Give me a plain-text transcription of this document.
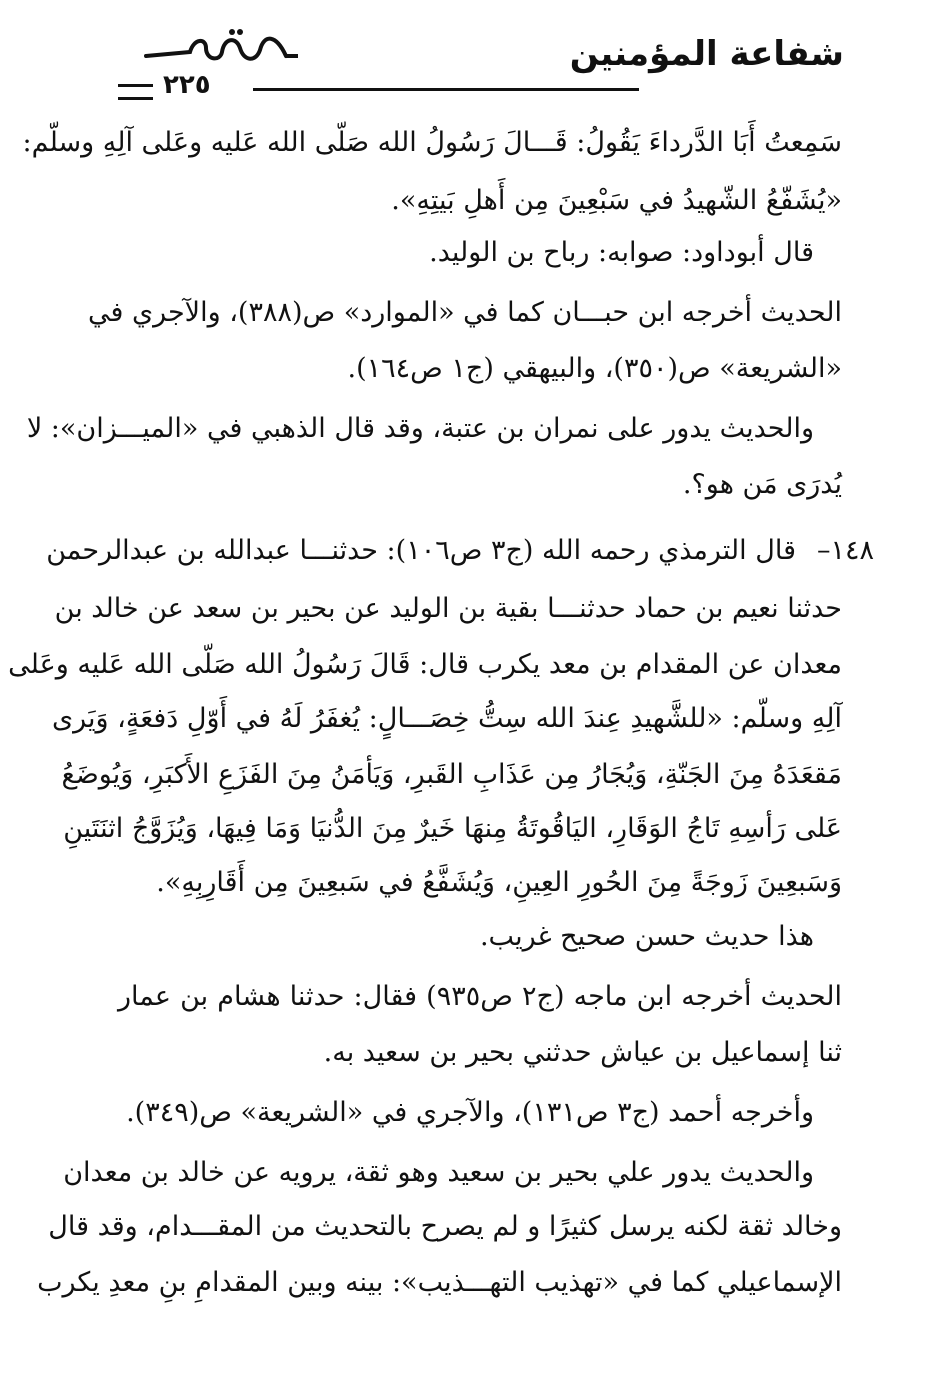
شفاعة المؤمنين
٢٢٥
سَمِعتُ أَبَا الدَّرداءَ يَقُولُ: قَـــالَ رَسُولُ الله صَلّى الله عَليه وعَلى آلِهِ وسلّم:
«يُشَفّعُ الشّهيدُ في سَبْعِينَ مِن أَهلِ بَيتِهِ».
قال أبوداود: صوابه: رباح بن الوليد.
الحديث أخرجه ابن حبـــان كما في «الموارد» ص(٣٨٨)، والآجري في
«الشريعة» ص(٣٥٠)، والبيهقي (ج١ ص١٦٤).
والحديث يدور على نمران بن عتبة، وقد قال الذهبي في «الميـــزان»: لا
يُدرَى مَن هو؟.
١٤٨–
قال الترمذي رحمه الله (ج٣ ص١٠٦): حدثنـــا عبدالله بن عبدالرحمن
حدثنا نعيم بن حماد حدثنـــا بقية بن الوليد عن بحير بن سعد عن خالد بن
معدان عن المقدام بن معد يكرب قال: قَالَ رَسُولُ الله صَلّى الله عَليه وعَلى
آلِهِ وسلّم: «للشَّهيدِ عِندَ الله سِتُّ خِصَـــالٍ: يُغفَرُ لَهُ في أَوّلِ دَفعَةٍ، وَيَرى
مَقعَدَهُ مِنَ الجَنّةِ، وَيُجَارُ مِن عَذَابِ القَبرِ، وَيَأمَنُ مِنَ الفَزَعِ الأَكبَرِ، وَيُوضَعُ
عَلى رَأسِهِ تَاجُ الوَقَارِ، اليَاقُوتَةُ مِنهَا خَيرٌ مِنَ الدُّنيَا وَمَا فِيهَا، وَيُزَوَّجُ اثنَتَينِ
وَسَبعِينَ زَوجَةً مِنَ الحُورِ العِينِ، وَيُشَفَّعُ في سَبعِينَ مِن أَقَارِبِهِ».
هذا حديث حسن صحيح غريب.
الحديث أخرجه ابن ماجه (ج٢ ص٩٣٥) فقال: حدثنا هشام بن عمار
ثنا إسماعيل بن عياش حدثني بحير بن سعيد به.
وأخرجه أحمد (ج٣ ص١٣١)، والآجري في «الشريعة» ص(٣٤٩).
والحديث يدور علي بحير بن سعيد وهو ثقة، يرويه عن خالد بن معدان
وخالد ثقة لكنه يرسل كثيرًا و لم يصرح بالتحديث من المقـــدام، وقد قال
الإسماعيلي كما في «تهذيب التهـــذيب»: بينه وبين المقدامِ بنِ معدِ يكرب
